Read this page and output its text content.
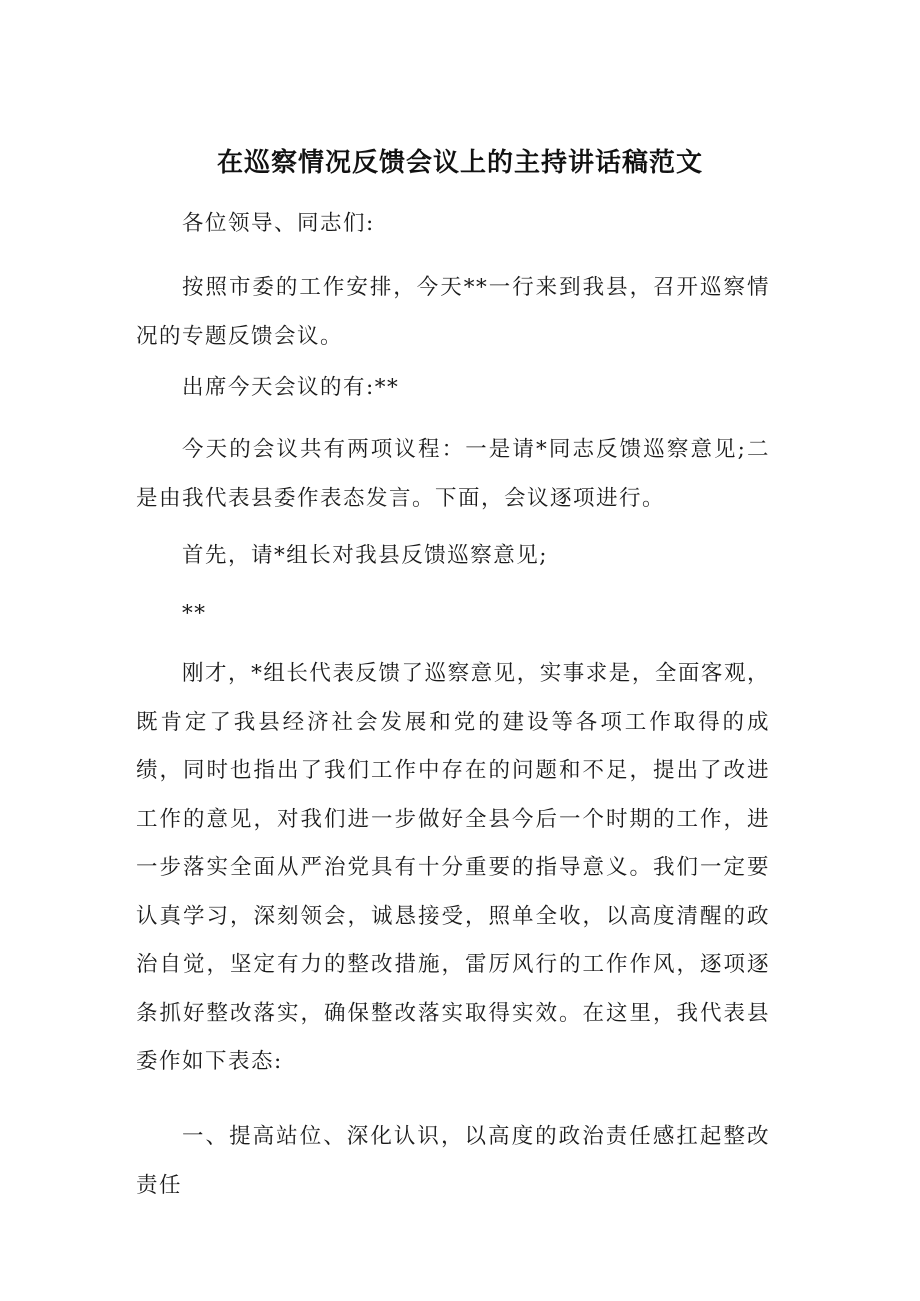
在巡察情况反馈会议上的主持讲话稿范文

各位领导、同志们:

按照市委的工作安排，今天**一行来到我县，召开巡察情况的专题反馈会议。

出席今天会议的有:**

今天的会议共有两项议程：一是请*同志反馈巡察意见;二是由我代表县委作表态发言。下面，会议逐项进行。

首先，请*组长对我县反馈巡察意见;

**

刚才，*组长代表反馈了巡察意见，实事求是，全面客观，既肯定了我县经济社会发展和党的建设等各项工作取得的成绩，同时也指出了我们工作中存在的问题和不足，提出了改进工作的意见，对我们进一步做好全县今后一个时期的工作，进一步落实全面从严治党具有十分重要的指导意义。我们一定要认真学习，深刻领会，诚恳接受，照单全收，以高度清醒的政治自觉，坚定有力的整改措施，雷厉风行的工作作风，逐项逐条抓好整改落实，确保整改落实取得实效。在这里，我代表县委作如下表态:

一、提高站位、深化认识，以高度的政治责任感扛起整改责任
